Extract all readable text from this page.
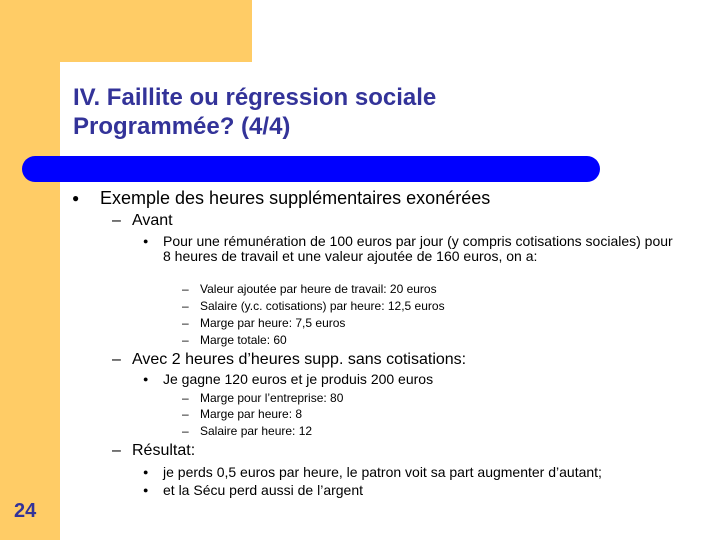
IV. Faillite ou régression sociale
Programmée? (4/4)
● Exemple des heures supplémentaires exonérées
– Avant
● Pour une rémunération de 100 euros par jour (y compris cotisations sociales) pour 8 heures de travail et une valeur ajoutée de 160 euros, on a:
– Valeur ajoutée par heure de travail: 20 euros
– Salaire (y.c. cotisations) par heure: 12,5 euros
– Marge par heure: 7,5 euros
– Marge totale: 60
– Avec 2 heures d’heures supp. sans cotisations:
● Je gagne 120 euros et je produis 200 euros
– Marge pour l’entreprise: 80
– Marge par heure: 8
– Salaire par heure: 12
– Résultat:
● je perds 0,5 euros par heure, le patron voit sa part augmenter d’autant;
● et la Sécu perd aussi de l’argent
24
